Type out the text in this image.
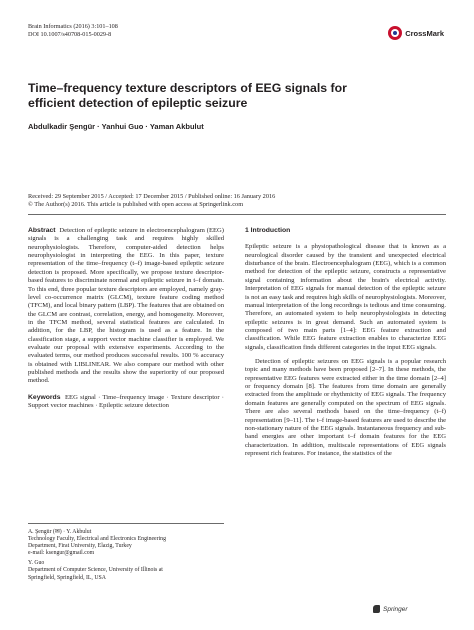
Brain Informatics (2016) 3:101–108
DOI 10.1007/s40708-015-0029-8	CrossMark
Time–frequency texture descriptors of EEG signals for
efficient detection of epileptic seizure
Abdulkadir Şengür · Yanhui Guo · Yaman Akbulut
Received: 29 September 2015 / Accepted: 17 December 2015 / Published online: 16 January 2016
© The Author(s) 2016. This article is published with open access at Springerlink.com

Abstract Detection of epileptic seizure in electroencephalogram (EEG) signals is a challenging task and requires highly skilled neurophysiologists. Therefore, computer-aided detection helps neurophysiologist in interpreting the EEG. In this paper, texture representation of the time–frequency (t–f) image-based epileptic seizure detection is proposed. More specifically, we propose texture descriptor-based features to discriminate normal and epileptic seizure in t–f domain. To this end, three popular texture descriptors are employed, namely gray-level co-occurrence matrix (GLCM), texture feature coding method (TFCM), and local binary pattern (LBP). The features that are obtained on the GLCM are contrast, correlation, energy, and homogeneity. Moreover, in the TFCM method, several statistical features are calculated. In addition, for the LBP, the histogram is used as a feature. In the classification stage, a support vector machine classifier is employed. We evaluate our proposal with extensive experiments. According to the evaluated terms, our method produces successful results. 100 % accuracy is obtained with LIBLINEAR. We also compare our method with other published methods and the results show the superiority of our proposed method.

Keywords EEG signal · Time–frequency image · Texture descriptor · Support vector machines · Epileptic seizure detection

A. Şengür (✉) · Y. Akbulut
Technology Faculty, Electrical and Electronics Engineering
Department, Firat University, Elazig, Turkey
e-mail: ksengur@gmail.com

Y. Guo
Department of Computer Science, University of Illinois at
Springfield, Springfield, IL, USA

1 Introduction

Epileptic seizure is a physiopathological disease that is known as a neurological disorder caused by the transient and unexpected electrical disturbance of the brain. Electroencephalogram (EEG), which is a common method for detection of the epileptic seizure, constructs a representative signal containing information about the brain's electrical activity. Interpretation of EEG signals for manual detection of the epileptic seizure is not an easy task and requires high skills of neurophysiologists. Moreover, manual interpretation of the long recordings is tedious and time consuming. Therefore, an automated system to help neurophysiologists in detecting epileptic seizures is in great demand. Such an automated system is composed of two main parts [1–4]: EEG feature extraction and classification. While EEG feature extraction enables to characterize EEG signals, classification finds different categories in the input EEG signals.

Detection of epileptic seizures on EEG signals is a popular research topic and many methods have been proposed [2–7]. In these methods, the representative EEG features were extracted either in the time domain [2–4] or frequency domain [8]. The features from time domain are generally extracted from the amplitude or rhythmicity of EEG signals. The frequency domain features are generally computed on the spectrum of EEG signals. There are also several methods based on the time–frequency (t–f) representation [9–11]. The t–f image-based features are used to describe the non-stationary nature of the EEG signals. Instantaneous frequency and sub-band energies are other important t–f domain features for the EEG characterization. In addition, multiscale representations of EEG signals represent rich features. For instance, the statistics of the

Springer
